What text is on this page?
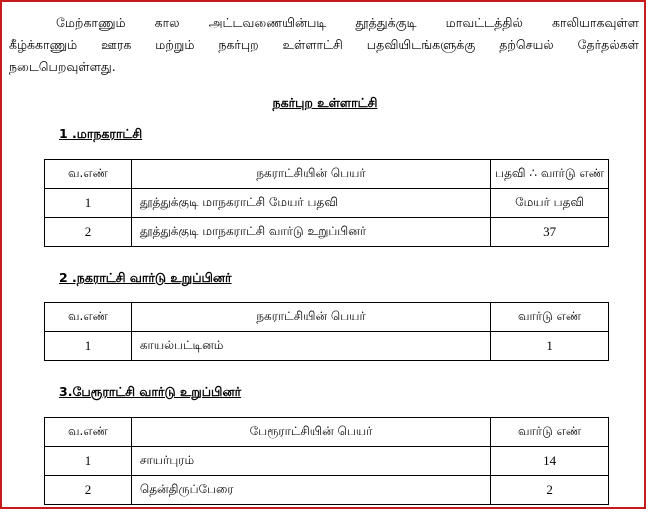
மேற்காணும் கால அட்டவணையின்படி தூத்துக்குடி மாவட்டத்தில் காலியாகவுள்ள
கீழ்க்காணும் ஊரக மற்றும் நகர்புற உள்ளாட்சி பதவியிடங்களுக்கு தற்செயல் தேர்தல்கள்
நடைபெறவுள்ளது.
நகர்புற உள்ளாட்சி
1 .மாநகராட்சி
வ.எண்	நகராட்சியின் பெயர்	பதவி ∴ வார்டு எண்
1	தூத்துக்குடி மாநகராட்சி மேயர் பதவி	மேயர் பதவி
2	தூத்துக்குடி மாநகராட்சி வார்டு உறுப்பினர்	37
2 .நகராட்சி வார்டு உறுப்பினர்
வ.எண்	நகராட்சியின் பெயர்	வார்டு எண்
1	காயல்பட்டினம்	1
3.பேரூராட்சி வார்டு உறுப்பினர்
வ.எண்	பேரூராட்சியின் பெயர்	வார்டு எண்
1	சாயர்புரம்	14
2	தென்திருப்பேரை	2
